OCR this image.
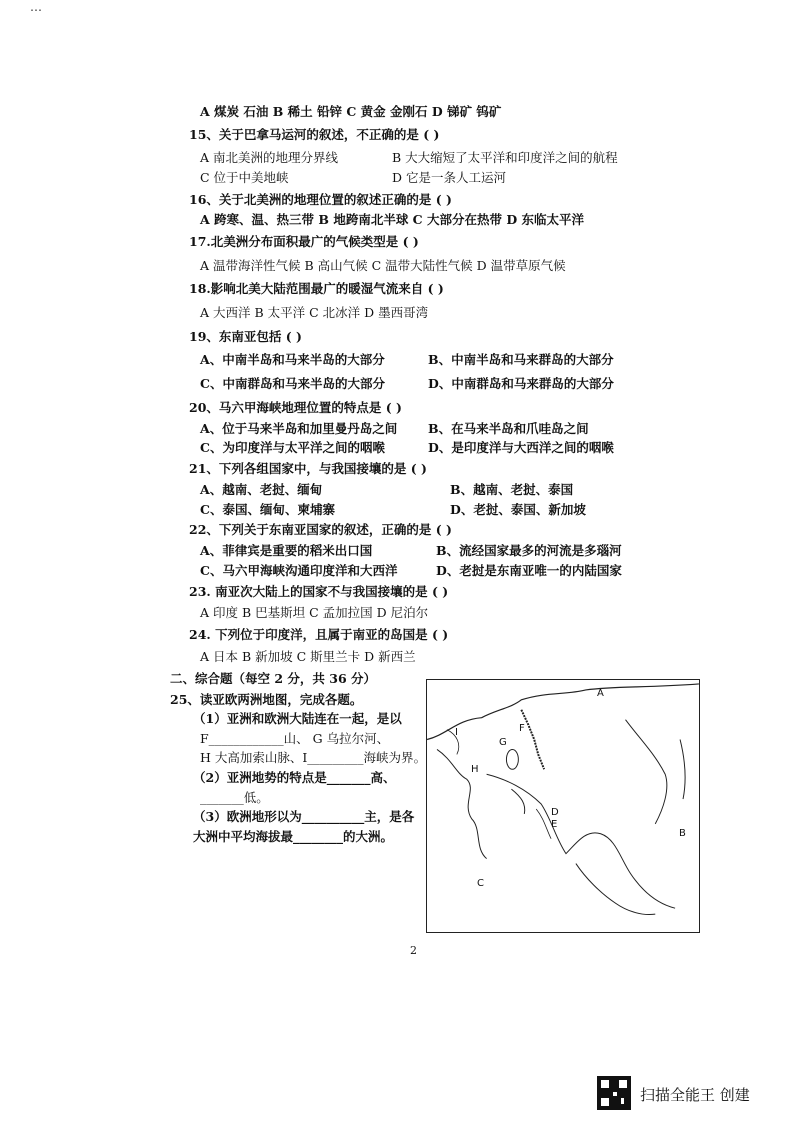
A 煤炭 石油 B 稀土 铅锌 C 黄金 金刚石 D 锑矿 钨矿
15、关于巴拿马运河的叙述，不正确的是 ( )
A 南北美洲的地理分界线	B 大大缩短了太平洋和印度洋之间的航程
C 位于中美地峡	D 它是一条人工运河
16、关于北美洲的地理位置的叙述正确的是 ( )
A 跨寒、温、热三带 B 地跨南北半球 C 大部分在热带 D 东临太平洋
17.北美洲分布面积最广的气候类型是 ( )
A 温带海洋性气候 B 高山气候 C 温带大陆性气候 D 温带草原气候
18.影响北美大陆范围最广的暖湿气流来自 ( )
A 大西洋 B 太平洋 C 北冰洋 D 墨西哥湾
19、东南亚包括 ( )
A、中南半岛和马来半岛的大部分	B、中南半岛和马来群岛的大部分
C、中南群岛和马来半岛的大部分	D、中南群岛和马来群岛的大部分
20、马六甲海峡地理位置的特点是 ( )
A、位于马来半岛和加里曼丹岛之间 B、在马来半岛和爪哇岛之间
C、为印度洋与太平洋之间的咽喉	D、是印度洋与大西洋之间的咽喉
21、下列各组国家中，与我国接壤的是 ( )
A、越南、老挝、缅甸	B、越南、老挝、泰国
C、泰国、缅甸、柬埔寨	D、老挝、泰国、新加坡
22、下列关于东南亚国家的叙述，正确的是 ( )
A、菲律宾是重要的稻米出口国	B、流经国家最多的河流是多瑙河
C、马六甲海峡沟通印度洋和大西洋	D、老挝是东南亚唯一的内陆国家
23. 南亚次大陆上的国家不与我国接壤的是 ( )
A 印度 B 巴基斯坦 C 孟加拉国 D 尼泊尔
24. 下列位于印度洋，且属于南亚的岛国是 ( )
A 日本 B 新加坡 C 斯里兰卡 D 新西兰
二、综合题（每空 2 分，共 36 分）
25、读亚欧两洲地图，完成各题。
（1）亚洲和欧洲大陆连在一起，是以
F____________山、 G 乌拉尔河、
H 大高加索山脉、I_________海峡为界。
（2）亚洲地势的特点是_______高、
_______低。
（3）欧洲地形以为__________主，是各
大洲中平均海拔最________的大洲。
…
A
F
I
G
H
D
E
B
C
2
扫描全能王 创建
